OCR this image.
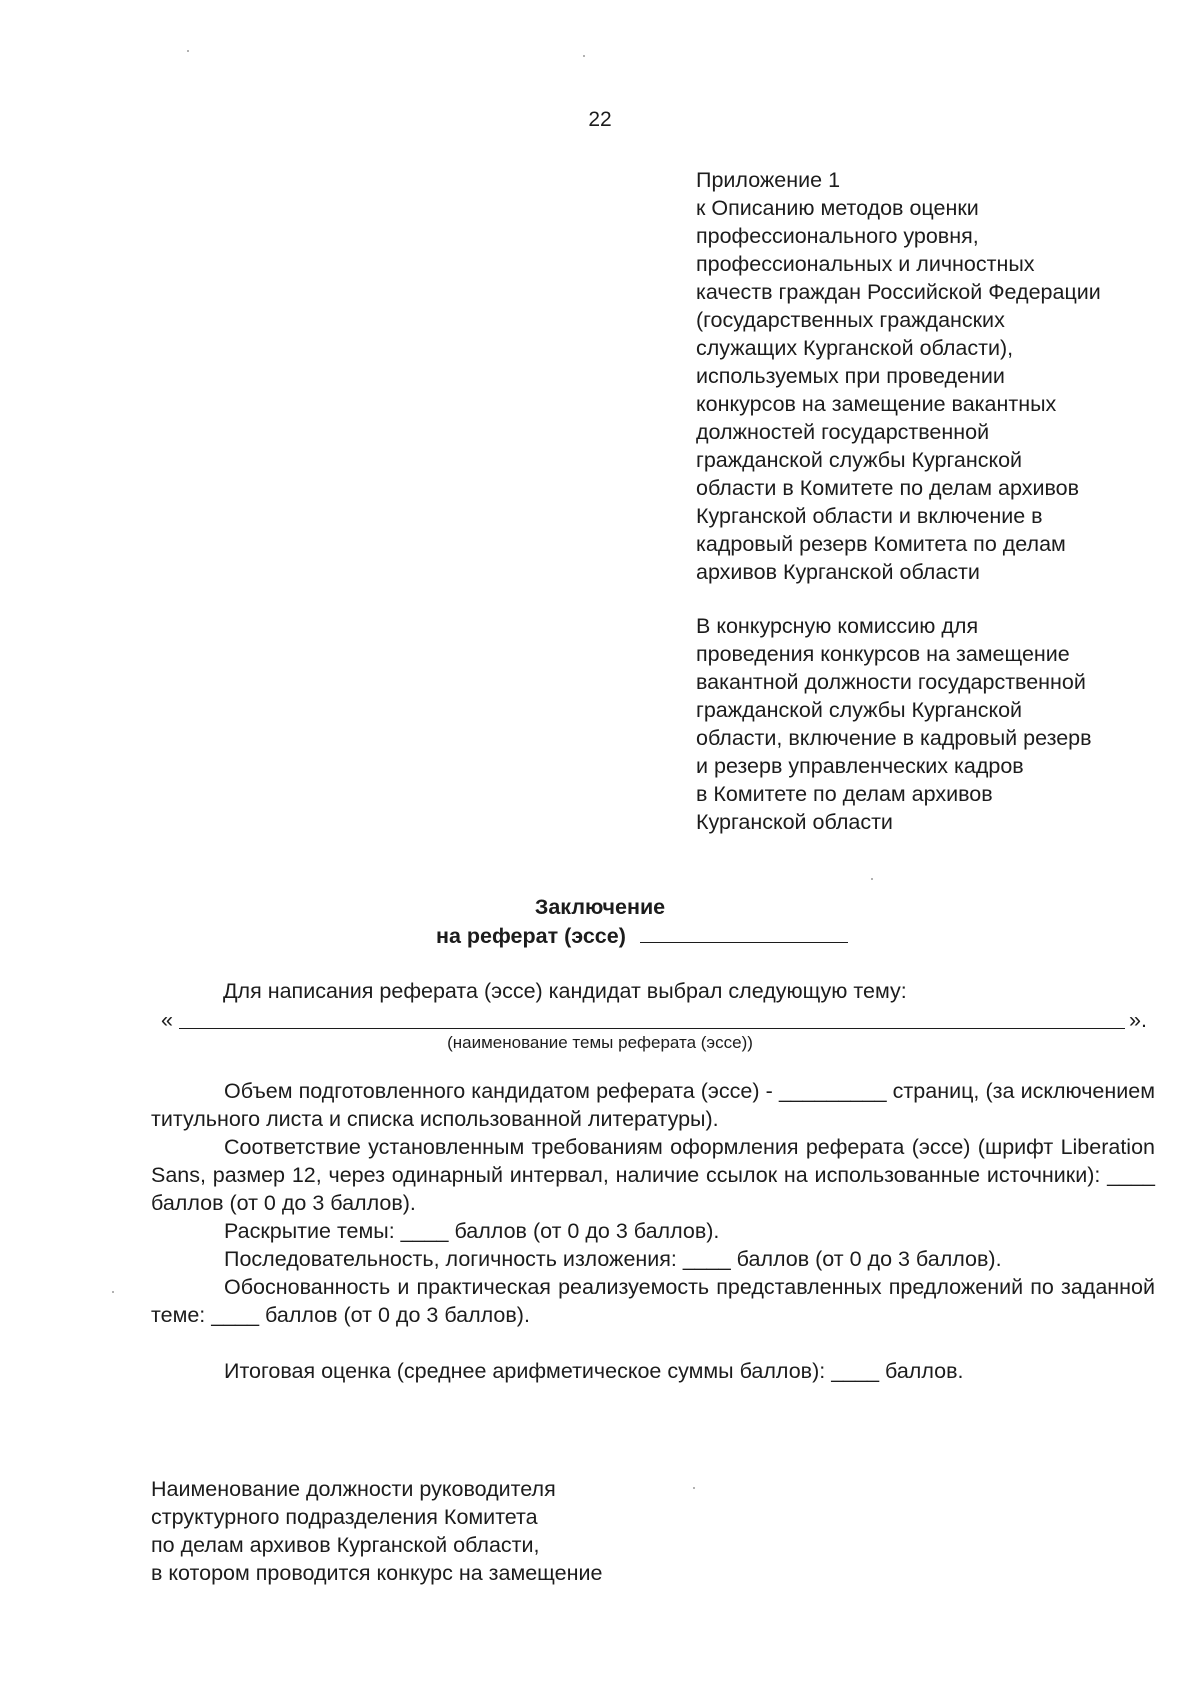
22
Приложение 1
к Описанию методов оценки
профессионального уровня,
профессиональных и личностных
качеств граждан Российской Федерации
(государственных гражданских
служащих Курганской области),
используемых при проведении
конкурсов на замещение вакантных
должностей государственной
гражданской службы Курганской
области в Комитете по делам архивов
Курганской области и включение в
кадровый резерв Комитета по делам
архивов Курганской области
В конкурсную комиссию для
проведения конкурсов на замещение
вакантной должности государственной
гражданской службы Курганской
области, включение в кадровый резерв
и резерв управленческих кадров
в Комитете по делам архивов
Курганской области
Заключение
на реферат (эссе)
Для написания реферата (эссе) кандидат выбрал следующую тему:
«	».
(наименование темы реферата (эссе))

Объем подготовленного кандидатом реферата (эссе) - _________ страниц, (за исключением титульного листа и списка использованной литературы).

Соответствие установленным требованиям оформления реферата (эссе) (шрифт Liberation Sans, размер 12, через одинарный интервал, наличие ссылок на использованные источники): ____ баллов (от 0 до 3 баллов).

Раскрытие темы: ____ баллов (от 0 до 3 баллов).

Последовательность, логичность изложения: ____ баллов (от 0 до 3 баллов).

Обоснованность и практическая реализуемость представленных предложений по заданной теме: ____ баллов (от 0 до 3 баллов).

Итоговая оценка (среднее арифметическое суммы баллов): ____ баллов.
Наименование должности руководителя
структурного подразделения Комитета
по делам архивов Курганской области,
в котором проводится конкурс на замещение
